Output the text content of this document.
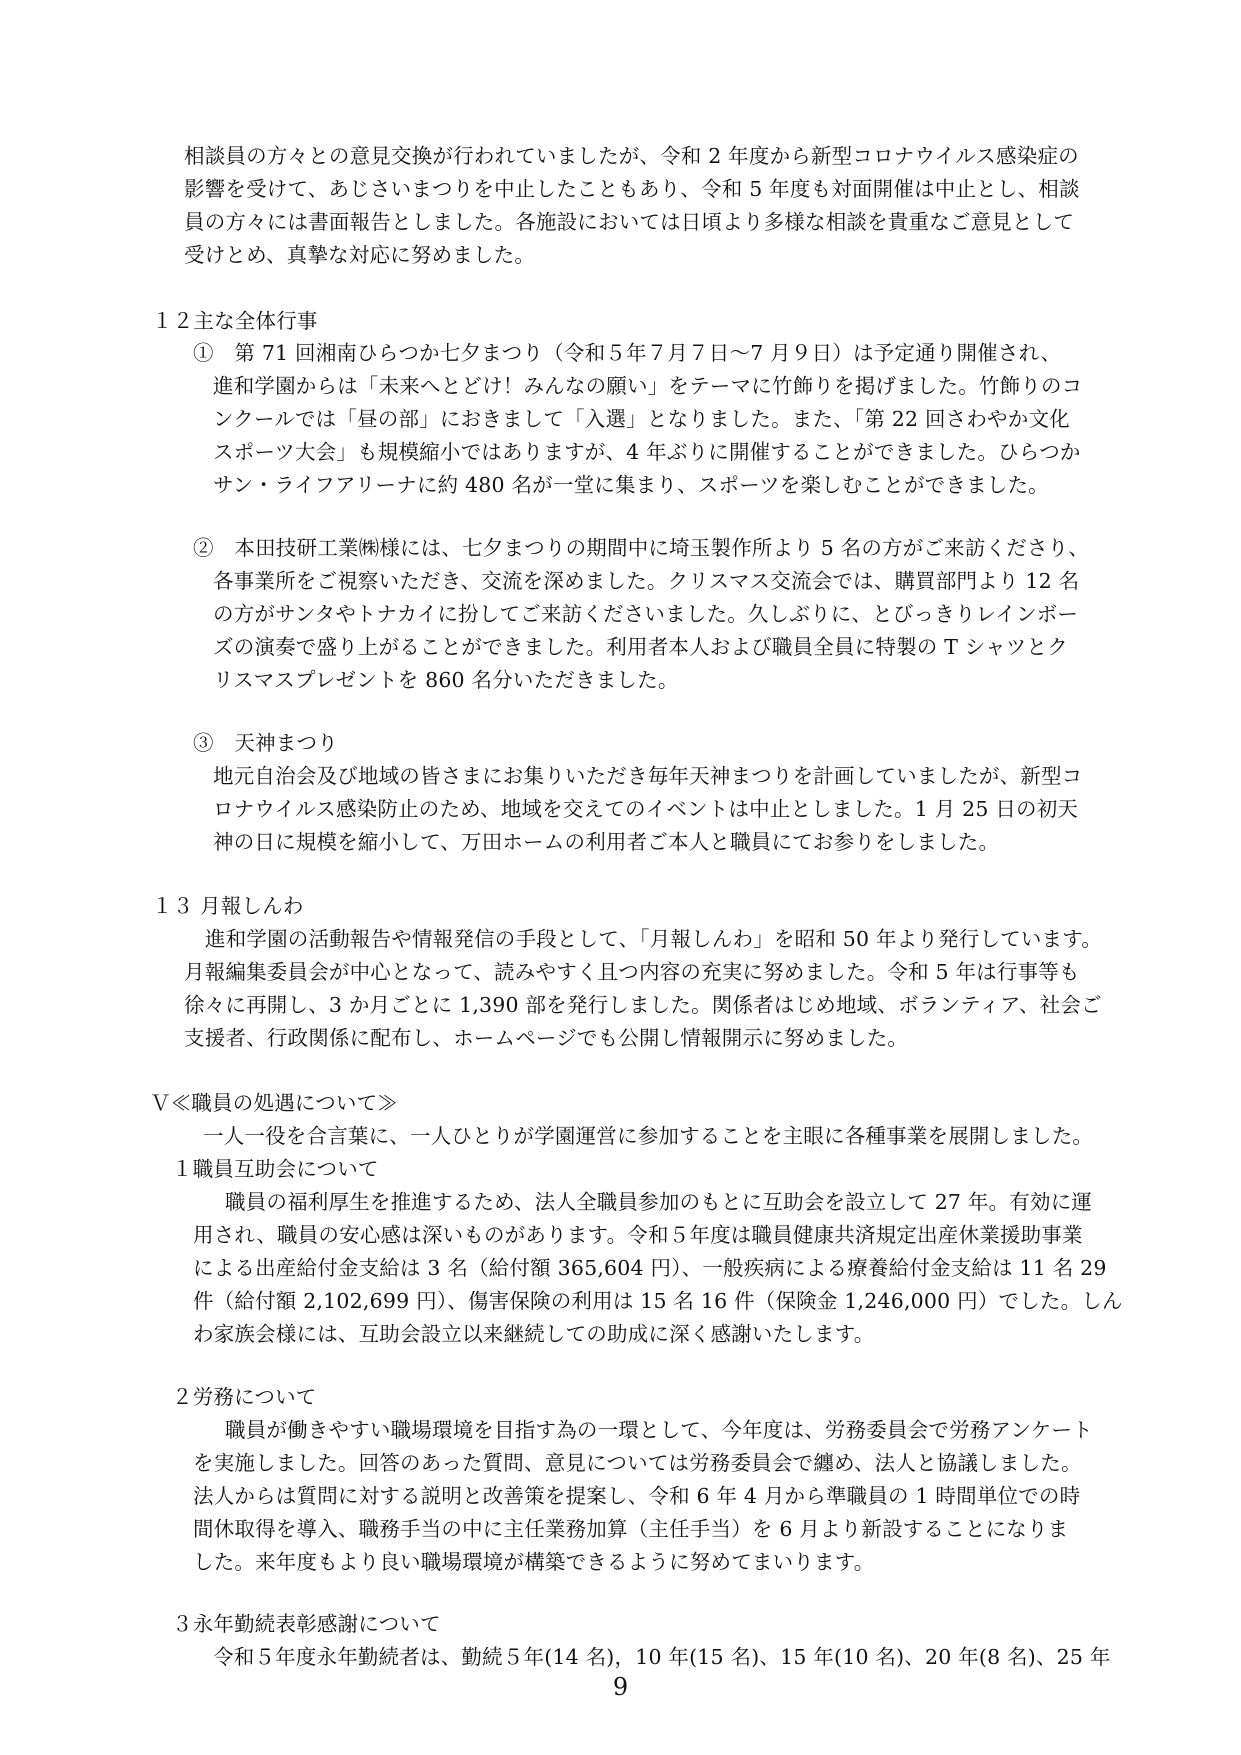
相談員の方々との意見交換が行われていましたが、令和 2 年度から新型コロナウイルス感染症の
影響を受けて、あじさいまつりを中止したこともあり、令和 5 年度も対面開催は中止とし、相談
員の方々には書面報告としました。各施設においては日頃より多様な相談を貴重なご意見として
受けとめ、真摯な対応に努めました。
１２主な全体行事
①　第 71 回湘南ひらつか七夕まつり（令和５年７月７日～7 月９日）は予定通り開催され、
進和学園からは「未来へとどけ！みんなの願い」をテーマに竹飾りを掲げました。竹飾りのコ
ンクールでは「昼の部」におきまして「入選」となりました。また、「第 22 回さわやか文化
スポーツ大会」も規模縮小ではありますが、4 年ぶりに開催することができました。ひらつか
サン・ライフアリーナに約 480 名が一堂に集まり、スポーツを楽しむことができました。
②　本田技研工業㈱様には、七夕まつりの期間中に埼玉製作所より 5 名の方がご来訪くださり、
各事業所をご視察いただき、交流を深めました。クリスマス交流会では、購買部門より 12 名
の方がサンタやトナカイに扮してご来訪くださいました。久しぶりに、とびっきりレインボー
ズの演奏で盛り上がることができました。利用者本人および職員全員に特製の T シャツとク
リスマスプレゼントを 860 名分いただきました。
③　天神まつり
地元自治会及び地域の皆さまにお集りいただき毎年天神まつりを計画していましたが、新型コ
ロナウイルス感染防止のため、地域を交えてのイベントは中止としました。1 月 25 日の初天
神の日に規模を縮小して、万田ホームの利用者ご本人と職員にてお参りをしました。
１３ 月報しんわ
進和学園の活動報告や情報発信の手段として、「月報しんわ」を昭和 50 年より発行しています。
月報編集委員会が中心となって、読みやすく且つ内容の充実に努めました。令和 5 年は行事等も
徐々に再開し、3 か月ごとに 1,390 部を発行しました。関係者はじめ地域、ボランティア、社会ご
支援者、行政関係に配布し、ホームページでも公開し情報開示に努めました。
Ｖ≪職員の処遇について≫
一人一役を合言葉に、一人ひとりが学園運営に参加することを主眼に各種事業を展開しました。
１職員互助会について
職員の福利厚生を推進するため、法人全職員参加のもとに互助会を設立して 27 年。有効に運
用され、職員の安心感は深いものがあります。令和５年度は職員健康共済規定出産休業援助事業
による出産給付金支給は 3 名（給付額 365,604 円）、一般疾病による療養給付金支給は 11 名 29
件（給付額 2,102,699 円）、傷害保険の利用は 15 名 16 件（保険金 1,246,000 円）でした。しん
わ家族会様には、互助会設立以来継続しての助成に深く感謝いたします。
２労務について
職員が働きやすい職場環境を目指す為の一環として、今年度は、労務委員会で労務アンケート
を実施しました。回答のあった質問、意見については労務委員会で纏め、法人と協議しました。
法人からは質問に対する説明と改善策を提案し、令和 6 年 4 月から準職員の 1 時間単位での時
間休取得を導入、職務手当の中に主任業務加算（主任手当）を 6 月より新設することになりま
した。来年度もより良い職場環境が構築できるように努めてまいります。
３永年勤続表彰感謝について
令和５年度永年勤続者は、勤続５年(14 名)，10 年(15 名)、15 年(10 名)、20 年(8 名)、25 年
9
